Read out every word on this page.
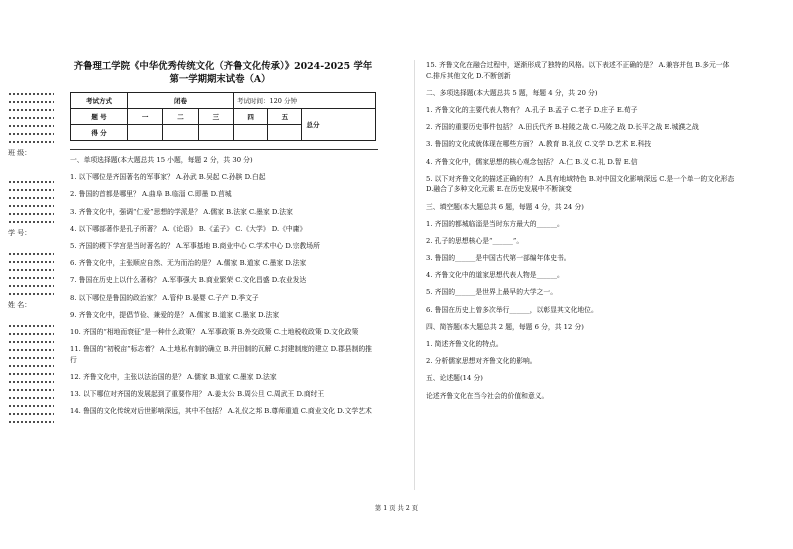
班 级：
学 号：
姓 名：
齐鲁理工学院《中华优秀传统文化（齐鲁文化传承）》2024-2025 学年
第一学期期末试卷（A）
考试方式	闭卷			考试时间：120 分钟		
题 号	一	二	三	四	五	总分
得 分						
一、单项选择题(本大题总共 15 小题，每题 2 分，共 30 分)
1. 以下哪位是齐国著名的军事家？ A.孙武 B.吴起 C.孙膑 D.白起
2. 鲁国的首都是哪里？ A.曲阜 B.临淄 C.即墨 D.莒城
3. 齐鲁文化中，强调“仁爱”思想的学派是？ A.儒家 B.法家 C.墨家 D.法家
4. 以下哪部著作是孔子所著？ A.《论语》 B.《孟子》 C.《大学》 D.《中庸》
5. 齐国的稷下学宫是当时著名的？ A.军事基地 B.商业中心 C.学术中心 D.宗教场所
6. 齐鲁文化中，主张顺应自然、无为而治的是？ A.儒家 B.道家 C.墨家 D.法家
7. 鲁国在历史上以什么著称？ A.军事强大 B.商业繁荣 C.文化昌盛 D.农业发达
8. 以下哪位是鲁国的政治家？ A.管仲 B.晏婴 C.子产 D.季文子
9. 齐鲁文化中，提倡节俭、兼爱的是？ A.儒家 B.道家 C.墨家 D.法家
10. 齐国的“相地而衰征”是一种什么政策？ A.军事政策 B.外交政策 C.土地税收政策 D.文化政策
11. 鲁国的“初税亩”标志着？ A.土地私有制的确立 B.井田制的瓦解 C.封建制度的建立 D.郡县制的推行
12. 齐鲁文化中，主张以法治国的是？ A.儒家 B.道家 C.墨家 D.法家
13. 以下哪位对齐国的发展起到了重要作用？ A.姜太公 B.周公旦 C.周武王 D.商纣王
14. 鲁国的文化传统对后世影响深远，其中不包括？ A.礼仪之邦 B.尊师重道 C.商业文化 D.文学艺术
15. 齐鲁文化在融合过程中，逐渐形成了独特的风格。以下表述不正确的是？ A.兼容并包 B.多元一体 C.排斥其他文化 D.不断创新
二、多项选择题(本大题总共 5 题，每题 4 分，共 20 分)
1. 齐鲁文化的主要代表人物有？ A.孔子 B.孟子 C.老子 D.庄子 E.荀子
2. 齐国的重要历史事件包括？ A.田氏代齐 B.桂陵之战 C.马陵之战 D.长平之战 E.城濮之战
3. 鲁国的文化成就体现在哪些方面？ A.教育 B.礼仪 C.文学 D.艺术 E.科技
4. 齐鲁文化中，儒家思想的核心观念包括？ A.仁 B.义 C.礼 D.智 E.信
5. 以下对齐鲁文化的描述正确的有？ A.具有地域特色 B.对中国文化影响深远 C.是一个单一的文化形态 D.融合了多种文化元素 E.在历史发展中不断演变
三、填空题(本大题总共 6 题，每题 4 分，共 24 分)
1. 齐国的都城临淄是当时东方最大的______。
2. 孔子的思想核心是“______”。
3. 鲁国的______是中国古代第一部编年体史书。
4. 齐鲁文化中的道家思想代表人物是______。
5. 齐国的______是世界上最早的大学之一。
6. 鲁国在历史上曾多次举行______，以彰显其文化地位。
四、简答题(本大题总共 2 题，每题 6 分，共 12 分)
1. 简述齐鲁文化的特点。
2. 分析儒家思想对齐鲁文化的影响。
五、论述题(14 分)
论述齐鲁文化在当今社会的价值和意义。
第 1 页 共 2 页
